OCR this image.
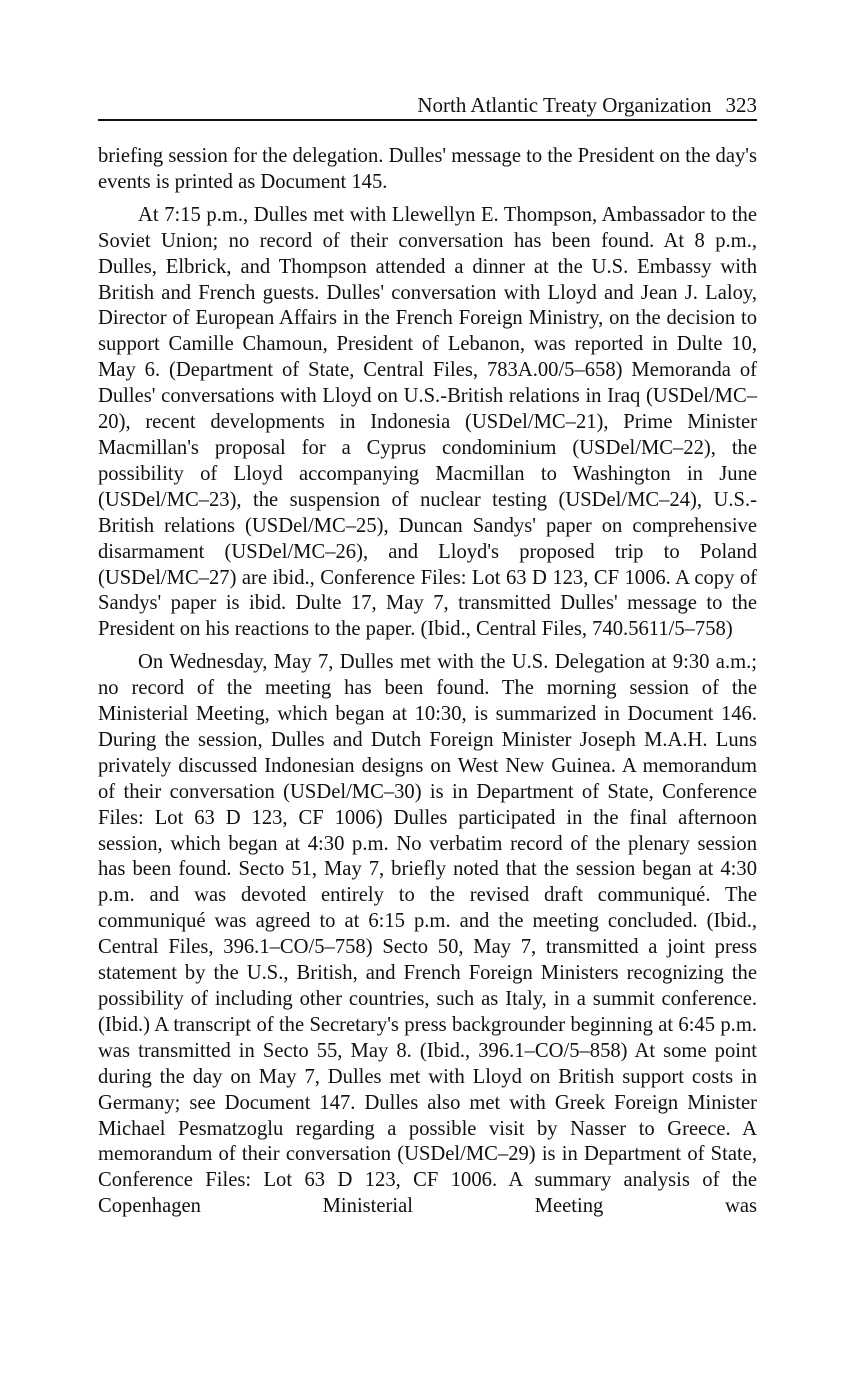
North Atlantic Treaty Organization 323

briefing session for the delegation. Dulles' message to the President on the day's events is printed as Document 145.

At 7:15 p.m., Dulles met with Llewellyn E. Thompson, Ambassador to the Soviet Union; no record of their conversation has been found. At 8 p.m., Dulles, Elbrick, and Thompson attended a dinner at the U.S. Embassy with British and French guests. Dulles' conversation with Lloyd and Jean J. Laloy, Director of European Affairs in the French Foreign Ministry, on the decision to support Camille Chamoun, President of Lebanon, was reported in Dulte 10, May 6. (Department of State, Central Files, 783A.00/5–658) Memoranda of Dulles' conversations with Lloyd on U.S.-British relations in Iraq (USDel/MC–20), recent developments in Indonesia (USDel/MC–21), Prime Minister Macmillan's proposal for a Cyprus condominium (USDel/MC–22), the possibility of Lloyd accompanying Macmillan to Washington in June (USDel/MC–23), the suspension of nuclear testing (USDel/MC–24), U.S.-British relations (USDel/MC–25), Duncan Sandys' paper on comprehensive disarmament (USDel/MC–26), and Lloyd's proposed trip to Poland (USDel/MC–27) are ibid., Conference Files: Lot 63 D 123, CF 1006. A copy of Sandys' paper is ibid. Dulte 17, May 7, transmitted Dulles' message to the President on his reactions to the paper. (Ibid., Central Files, 740.5611/5–758)

On Wednesday, May 7, Dulles met with the U.S. Delegation at 9:30 a.m.; no record of the meeting has been found. The morning session of the Ministerial Meeting, which began at 10:30, is summarized in Document 146. During the session, Dulles and Dutch Foreign Minister Joseph M.A.H. Luns privately discussed Indonesian designs on West New Guinea. A memorandum of their conversation (USDel/MC–30) is in Department of State, Conference Files: Lot 63 D 123, CF 1006) Dulles participated in the final afternoon session, which began at 4:30 p.m. No verbatim record of the plenary session has been found. Secto 51, May 7, briefly noted that the session began at 4:30 p.m. and was devoted entirely to the revised draft communiqué. The communiqué was agreed to at 6:15 p.m. and the meeting concluded. (Ibid., Central Files, 396.1–CO/5–758) Secto 50, May 7, transmitted a joint press statement by the U.S., British, and French Foreign Ministers recognizing the possibility of including other countries, such as Italy, in a summit conference. (Ibid.) A transcript of the Secretary's press backgrounder beginning at 6:45 p.m. was transmitted in Secto 55, May 8. (Ibid., 396.1–CO/5–858) At some point during the day on May 7, Dulles met with Lloyd on British support costs in Germany; see Document 147. Dulles also met with Greek Foreign Minister Michael Pesmatzoglu regarding a possible visit by Nasser to Greece. A memorandum of their conversation (USDel/MC–29) is in Department of State, Conference Files: Lot 63 D 123, CF 1006. A summary analysis of the Copenhagen Ministerial Meeting was
